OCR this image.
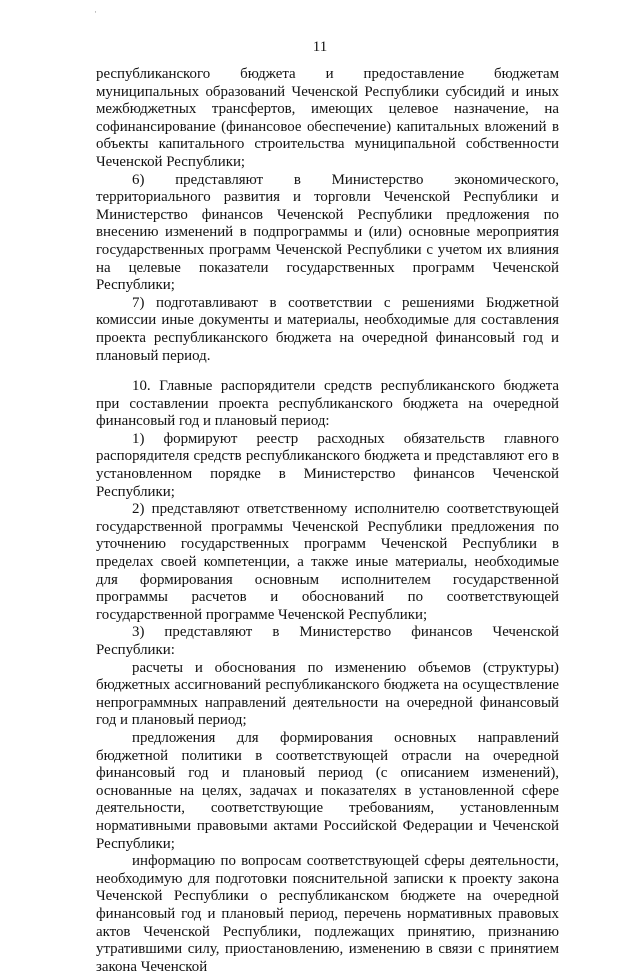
·
11

республиканского бюджета и предоставление бюджетам муниципальных образований Чеченской Республики субсидий и иных межбюджетных трансфертов, имеющих целевое назначение, на софинансирование (финансовое обеспечение) капитальных вложений в объекты капитального строительства муниципальной собственности Чеченской Республики;

6) представляют в Министерство экономического, территориального развития и торговли Чеченской Республики и Министерство финансов Чеченской Республики предложения по внесению изменений в подпрограммы и (или) основные мероприятия государственных программ Чеченской Республики с учетом их влияния на целевые показатели государственных программ Чеченской Республики;

7) подготавливают в соответствии с решениями Бюджетной комиссии иные документы и материалы, необходимые для составления проекта республиканского бюджета на очередной финансовый год и плановый период.

10. Главные распорядители средств республиканского бюджета при составлении проекта республиканского бюджета на очередной финансовый год и плановый период:

1) формируют реестр расходных обязательств главного распорядителя средств республиканского бюджета и представляют его в установленном порядке в Министерство финансов Чеченской Республики;

2) представляют ответственному исполнителю соответствующей государственной программы Чеченской Республики предложения по уточнению государственных программ Чеченской Республики в пределах своей компетенции, а также иные материалы, необходимые для формирования основным исполнителем государственной программы расчетов и обоснований по соответствующей государственной программе Чеченской Республики;

3) представляют в Министерство финансов Чеченской Республики:

расчеты и обоснования по изменению объемов (структуры) бюджетных ассигнований республиканского бюджета на осуществление непрограммных направлений деятельности на очередной финансовый год и плановый период;

предложения для формирования основных направлений бюджетной политики в соответствующей отрасли на очередной финансовый год и плановый период (с описанием изменений), основанные на целях, задачах и показателях в установленной сфере деятельности, соответствующие требованиям, установленным нормативными правовыми актами Российской Федерации и Чеченской Республики;

информацию по вопросам соответствующей сферы деятельности, необходимую для подготовки пояснительной записки к проекту закона Чеченской Республики о республиканском бюджете на очередной финансовый год и плановый период, перечень нормативных правовых актов Чеченской Республики, подлежащих принятию, признанию утратившими силу, приостановлению, изменению в связи с принятием закона Чеченской
